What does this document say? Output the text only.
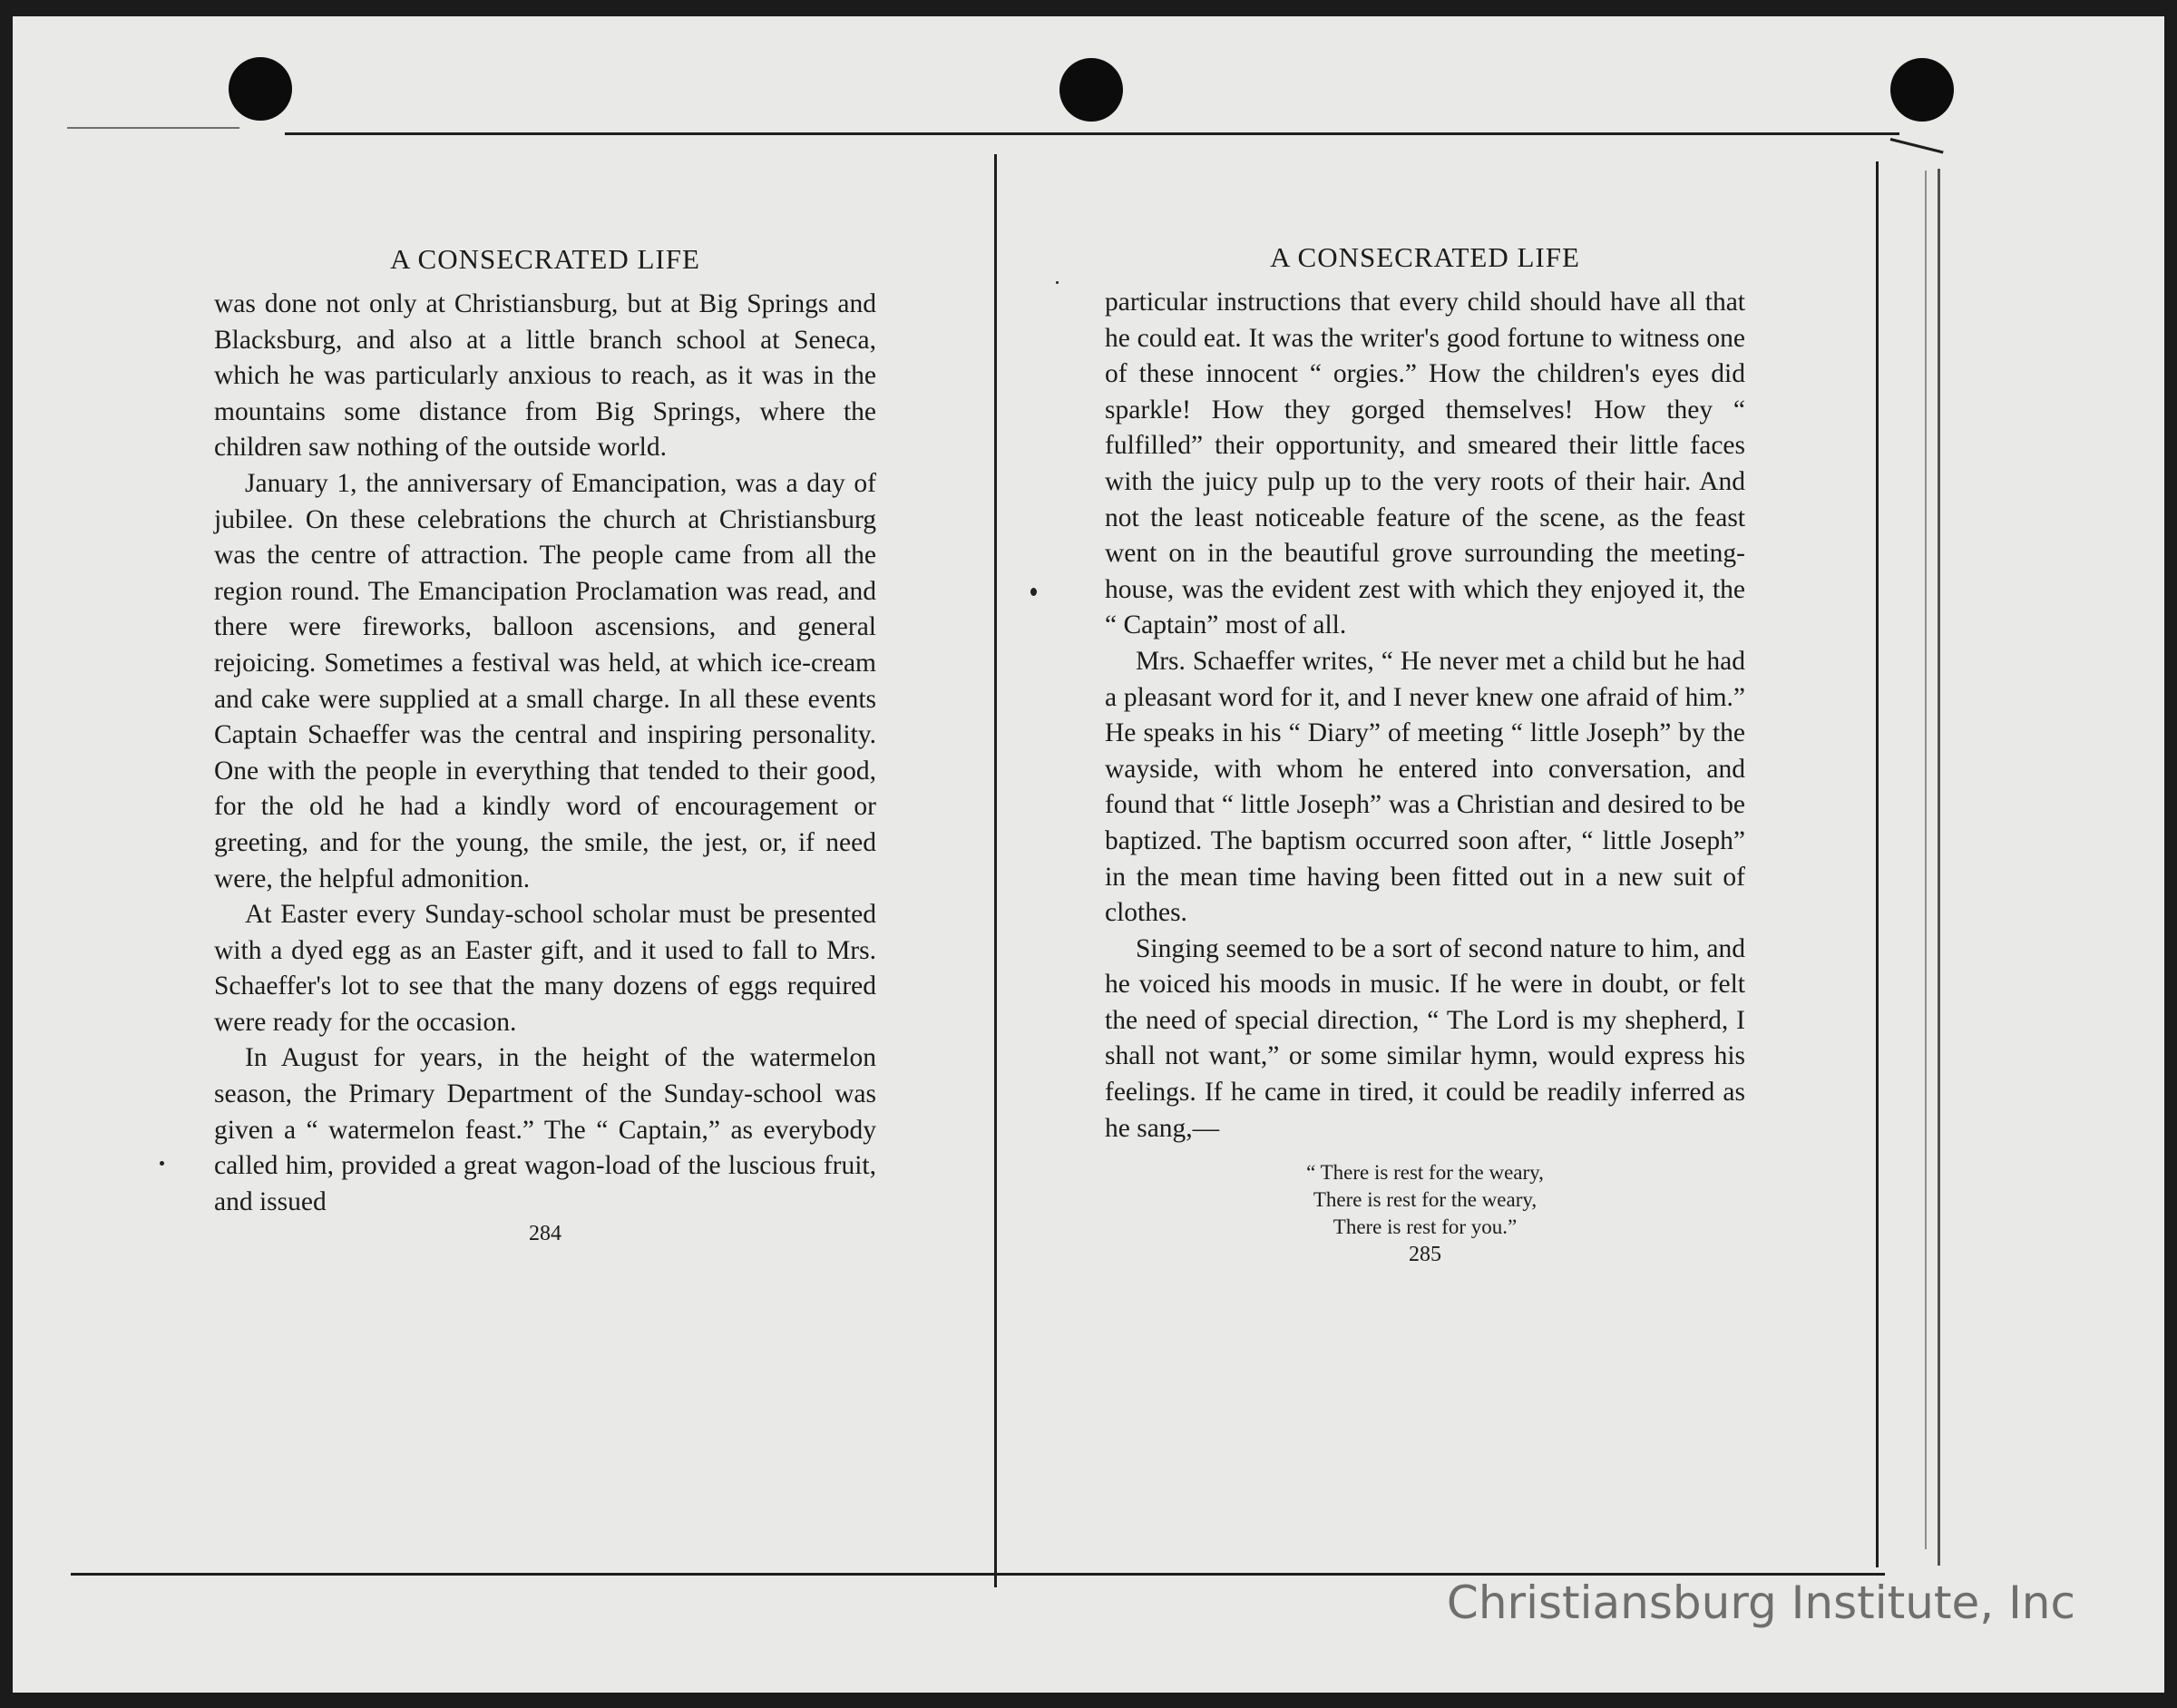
A CONSECRATED LIFE

was done not only at Christiansburg, but at Big Springs and Blacksburg, and also at a little branch school at Seneca, which he was particularly anxious to reach, as it was in the mountains some distance from Big Springs, where the children saw nothing of the outside world.

January 1, the anniversary of Emancipation, was a day of jubilee. On these celebrations the church at Christiansburg was the centre of attraction. The people came from all the region round. The Emancipation Proclamation was read, and there were fireworks, balloon ascensions, and general rejoicing. Sometimes a festival was held, at which ice-cream and cake were supplied at a small charge. In all these events Captain Schaeffer was the central and inspiring personality. One with the people in everything that tended to their good, for the old he had a kindly word of encouragement or greeting, and for the young, the smile, the jest, or, if need were, the helpful admonition.

At Easter every Sunday-school scholar must be presented with a dyed egg as an Easter gift, and it used to fall to Mrs. Schaeffer's lot to see that the many dozens of eggs required were ready for the occasion.

In August for years, in the height of the watermelon season, the Primary Department of the Sunday-school was given a “ watermelon feast.” The “ Captain,” as everybody called him, provided a great wagon-load of the luscious fruit, and issued

284
A CONSECRATED LIFE

particular instructions that every child should have all that he could eat. It was the writer's good fortune to witness one of these innocent “ orgies.” How the children's eyes did sparkle! How they gorged themselves! How they “ fulfilled” their opportunity, and smeared their little faces with the juicy pulp up to the very roots of their hair. And not the least noticeable feature of the scene, as the feast went on in the beautiful grove surrounding the meeting-house, was the evident zest with which they enjoyed it, the “ Captain” most of all.

Mrs. Schaeffer writes, “ He never met a child but he had a pleasant word for it, and I never knew one afraid of him.” He speaks in his “ Diary” of meeting “ little Joseph” by the wayside, with whom he entered into conversation, and found that “ little Joseph” was a Christian and desired to be baptized. The baptism occurred soon after, “ little Joseph” in the mean time having been fitted out in a new suit of clothes.

Singing seemed to be a sort of second nature to him, and he voiced his moods in music. If he were in doubt, or felt the need of special direction, “ The Lord is my shepherd, I shall not want,” or some similar hymn, would express his feelings. If he came in tired, it could be readily inferred as he sang,—

“ There is rest for the weary,
There is rest for the weary,
There is rest for you.”
285
Christiansburg Institute, Inc
